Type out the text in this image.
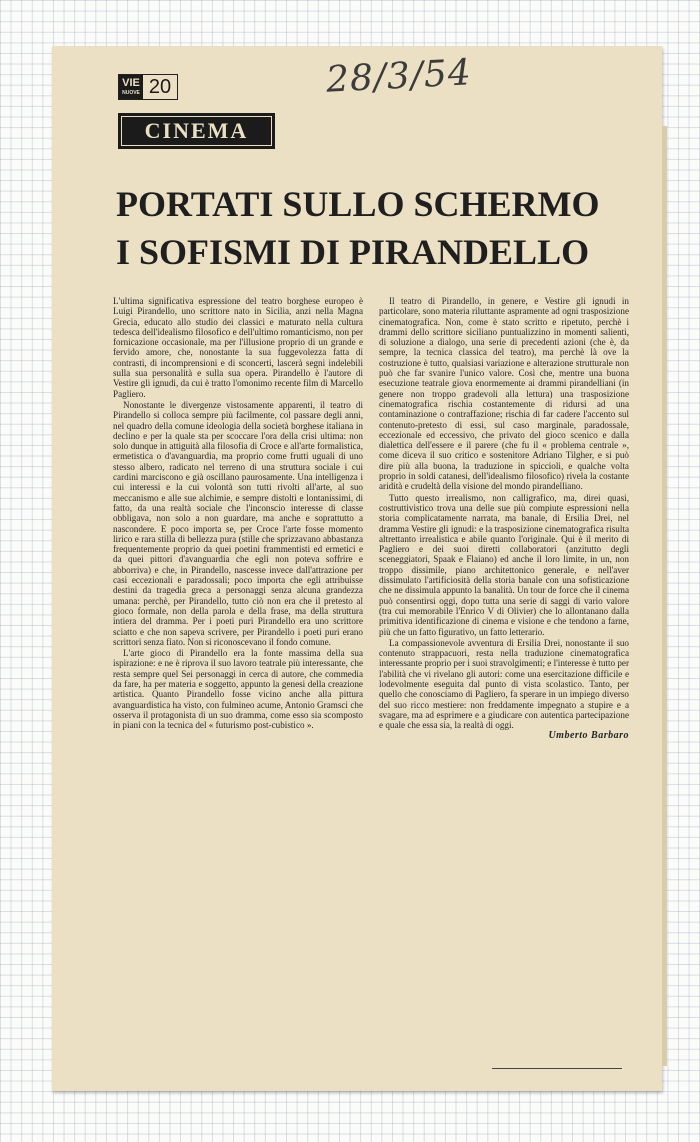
28/3/54
VIE
NUOVE 20
CINEMA
PORTATI SULLO SCHERMO
I SOFISMI DI PIRANDELLO

L'ultima significativa espressione del teatro borghese europeo è Luigi Pirandello, uno scrittore nato in Sicilia, anzi nella Magna Grecia, educato allo studio dei classici e maturato nella cultura tedesca dell'idealismo filosofico e dell'ultimo romanticismo, non per fornicazione occasionale, ma per l'illusione proprio di un grande e fervido amore, che, nonostante la sua fuggevolezza fatta di contrasti, di incomprensioni e di sconcerti, lascerà segni indelebili sulla sua personalità e sulla sua opera. Pirandello è l'autore di Vestire gli ignudi, da cui è tratto l'omonimo recente film di Marcello Pagliero.

Nonostante le divergenze vistosamente apparenti, il teatro di Pirandello si colloca sempre più facilmente, col passare degli anni, nel quadro della comune ideologia della società borghese italiana in declino e per la quale sta per scoccare l'ora della crisi ultima: non solo dunque in attiguità alla filosofia di Croce e all'arte formalistica, ermetistica o d'avanguardia, ma proprio come frutti uguali di uno stesso albero, radicato nel terreno di una struttura sociale i cui cardini marciscono e già oscillano paurosamente. Una intelligenza i cui interessi e la cui volontà son tutti rivolti all'arte, al suo meccanismo e alle sue alchimie, e sempre distolti e lontanissimi, di fatto, da una realtà sociale che l'inconscio interesse di classe obbligava, non solo a non guardare, ma anche e soprattutto a nascondere. E poco importa se, per Croce l'arte fosse momento lirico e rara stilla di bellezza pura (stille che sprizzavano abbastanza frequentemente proprio da quei poetini frammentisti ed ermetici e da quei pittori d'avanguardia che egli non poteva soffrire e abborriva) e che, in Pirandello, nascesse invece dall'attrazione per casi eccezionali e paradossali; poco importa che egli attribuisse destini da tragedia greca a personaggi senza alcuna grandezza umana: perchè, per Pirandello, tutto ciò non era che il pretesto al gioco formale, non della parola e della frase, ma della struttura intiera del dramma. Per i poeti puri Pirandello era uno scrittore sciatto e che non sapeva scrivere, per Pirandello i poeti puri erano scrittori senza fiato. Non si riconoscevano il fondo comune.

L'arte gioco di Pirandello era la fonte massima della sua ispirazione: e ne è riprova il suo lavoro teatrale più interessante, che resta sempre quel Sei personaggi in cerca di autore, che commedia da fare, ha per materia e soggetto, appunto la genesi della creazione artistica. Quanto Pirandello fosse vicino anche alla pittura avanguardistica ha visto, con fulmineo acume, Antonio Gramsci che osserva il protagonista di un suo dramma, come esso sia scomposto in piani con la tecnica del « futurismo post-cubistico ».

Il teatro di Pirandello, in genere, e Vestire gli ignudi in particolare, sono materia riluttante aspramente ad ogni trasposizione cinematografica. Non, come è stato scritto e ripetuto, perchè i drammi dello scrittore siciliano puntualizzino in momenti salienti, di soluzione a dialogo, una serie di precedenti azioni (che è, da sempre, la tecnica classica del teatro), ma perchè là ove la costruzione è tutto, qualsiasi variazione e alterazione strutturale non può che far svanire l'unico valore. Così che, mentre una buona esecuzione teatrale giova enormemente ai drammi pirandelliani (in genere non troppo gradevoli alla lettura) una trasposizione cinematografica rischia costantemente di ridursi ad una contaminazione o contraffazione; rischia di far cadere l'accento sul contenuto-pretesto di essi, sul caso marginale, paradossale, eccezionale ed eccessivo, che privato del gioco scenico e dalla dialettica dell'essere e il parere (che fu il « problema centrale », come diceva il suo critico e sostenitore Adriano Tilgher, e si può dire più alla buona, la traduzione in spiccioli, e qualche volta proprio in soldi catanesi, dell'idealismo filosofico) rivela la costante aridità e crudeltà della visione del mondo pirandelliano.

Tutto questo irrealismo, non calligrafico, ma, direi quasi, costruttivistico trova una delle sue più compiute espressioni nella storia complicatamente narrata, ma banale, di Ersilia Drei, nel dramma Vestire gli ignudi: e la trasposizione cinematografica risulta altrettanto irrealistica e abile quanto l'originale. Qui è il merito di Pagliero e dei suoi diretti collaboratori (anzitutto degli sceneggiatori, Spaak e Flaiano) ed anche il loro limite, in un, non troppo dissimile, piano architettonico generale, e nell'aver dissimulato l'artificiosità della storia banale con una sofisticazione che ne dissimula appunto la banalità. Un tour de force che il cinema può consentirsi oggi, dopo tutta una serie di saggi di vario valore (tra cui memorabile l'Enrico V di Olivier) che lo allontanano dalla primitiva identificazione di cinema e visione e che tendono a farne, più che un fatto figurativo, un fatto letterario.

La compassionevole avventura di Ersilia Drei, nonostante il suo contenuto strappacuori, resta nella traduzione cinematografica interessante proprio per i suoi stravolgimenti; e l'interesse è tutto per l'abilità che vi rivelano gli autori: come una esercitazione difficile e lodevolmente eseguita dal punto di vista scolastico. Tanto, per quello che conosciamo di Pagliero, fa sperare in un impiego diverso del suo ricco mestiere: non freddamente impegnato a stupire e a svagare, ma ad esprimere e a giudicare con autentica partecipazione e quale che essa sia, la realtà di oggi.

Umberto Barbaro
